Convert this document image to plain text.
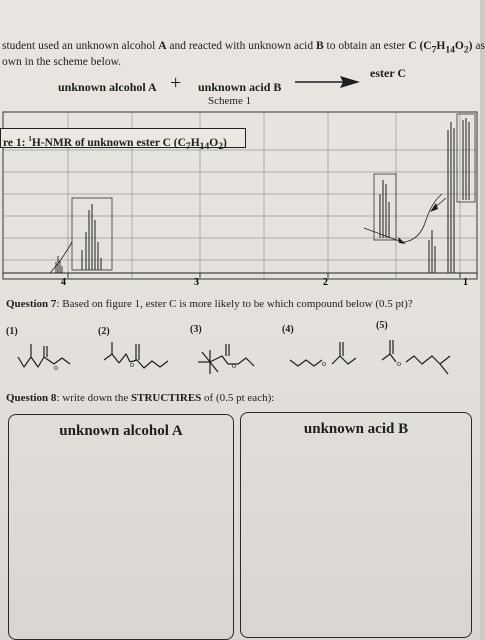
student used an unknown alcohol A and reacted with unknown acid B to obtain an ester C $(C_7H_{14}O_2)$ as
own in the scheme below.
unknown alcohol A + unknown acid B
ester C
Scheme 1
4	3	2	1
re 1: $^1$H-NMR of unknown ester C $(C_7H_{14}O_2)$
Question 7: Based on figure 1, ester C is more likely to be which compound below (0.5 pt)?
(1)	(2)	(3)	(4)	(5)
o	o	o	o	o
Question 8: write down the STRUCTIRES of (0.5 pt each):
unknown alcohol A	unknown acid B
